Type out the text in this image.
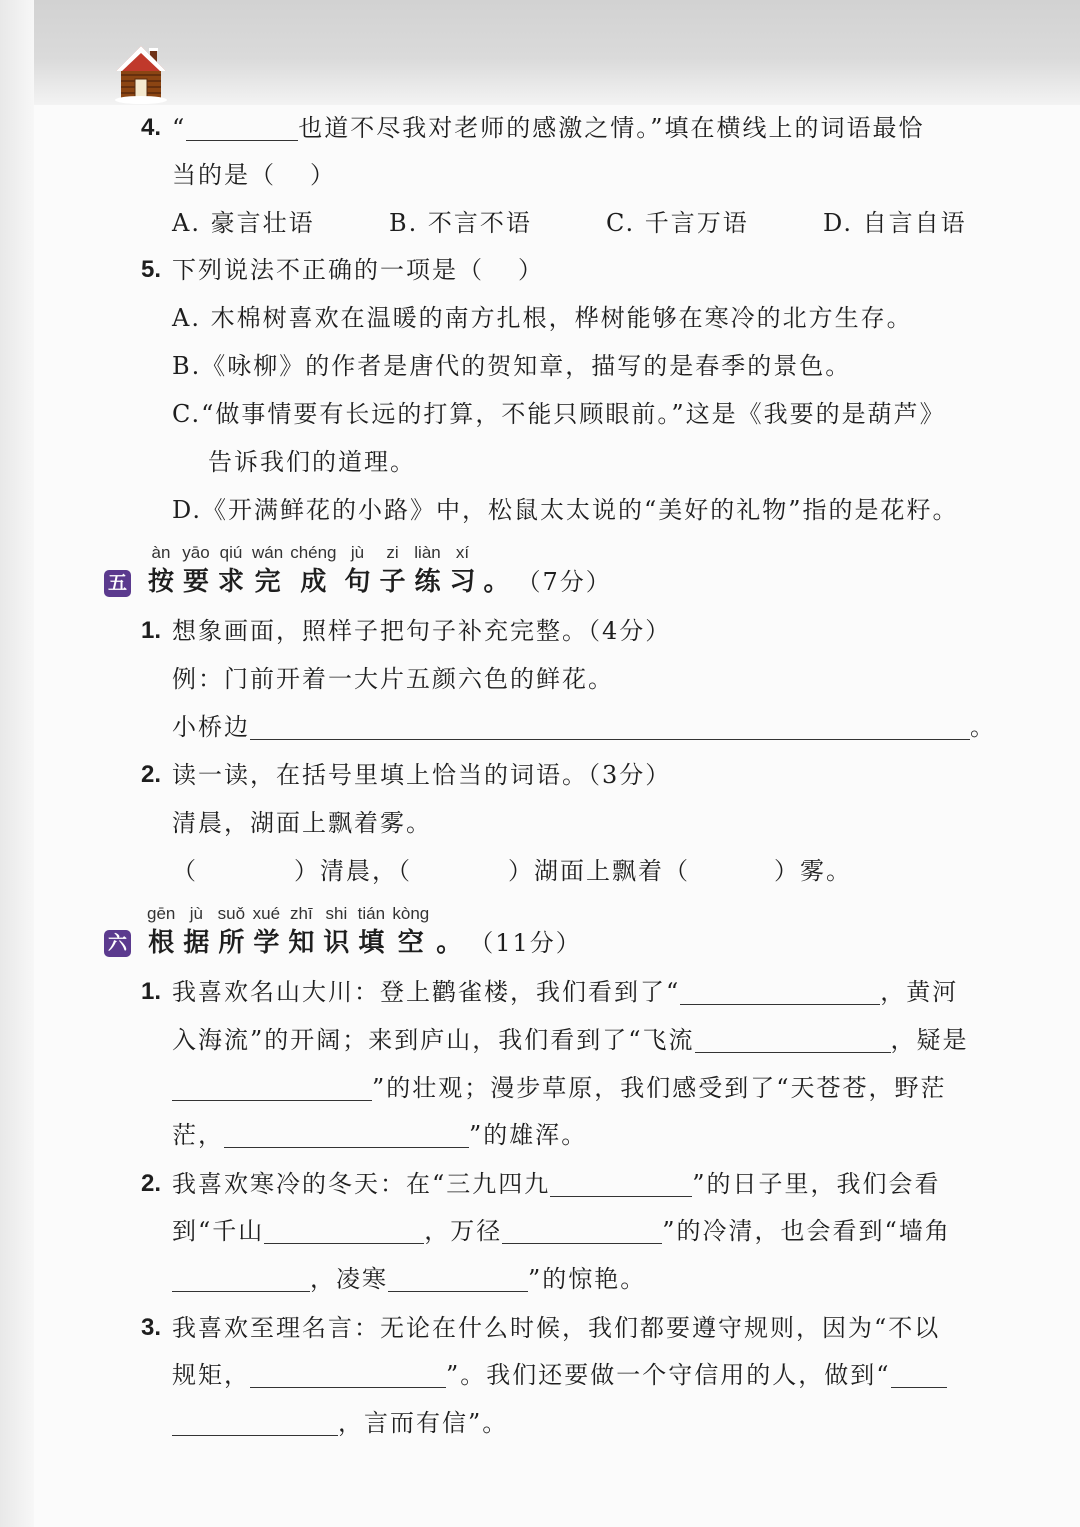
4. “	也道不尽我对老师的感激之情。”填在横线上的词语最恰
当的是（ ）
A. 豪言壮语	B. 不言不语	C. 千言万语	D. 自言自语
5. 下列说法不正确的一项是（ ）
A. 木棉树喜欢在温暖的南方扎根，桦树能够在寒冷的北方生存。
B.《咏柳》的作者是唐代的贺知章，描写的是春季的景色。
C.“做事情要有长远的打算，不能只顾眼前。”这是《我要的是葫芦》
告诉我们的道理。
D.《开满鲜花的小路》中，松鼠太太说的“美好的礼物”指的是花籽。
五
àn
按
yāo
要
qiú
求
wán
完
chéng
成
jù
句
zi
子
liàn
练
xí
习 。 （7分）
1. 想象画面，照样子把句子补充完整。（4分）
例：门前开着一大片五颜六色的鲜花。
小桥边	。
2. 读一读，在括号里填上恰当的词语。（3分）
清晨，湖面上飘着雾。
（	）清晨，（	）湖面上飘着（	）雾。
六
gēn
根
jù
据
suǒ
所
xué
学
zhī
知
shi
识
tián
填
kòng
空 。 （11分）
1. 我喜欢名山大川：登上鹳雀楼，我们看到了“	，黄河
入海流”的开阔；来到庐山，我们看到了“飞流	，疑是
”的壮观；漫步草原，我们感受到了“天苍苍，野茫
茫，	”的雄浑。
2. 我喜欢寒冷的冬天：在“三九四九	”的日子里，我们会看
到“千山	，万径	”的冷清，也会看到“墙角
，凌寒	”的惊艳。
3. 我喜欢至理名言：无论在什么时候，我们都要遵守规则，因为“不以
规矩，	”。我们还要做一个守信用的人，做到“
，言而有信”。
